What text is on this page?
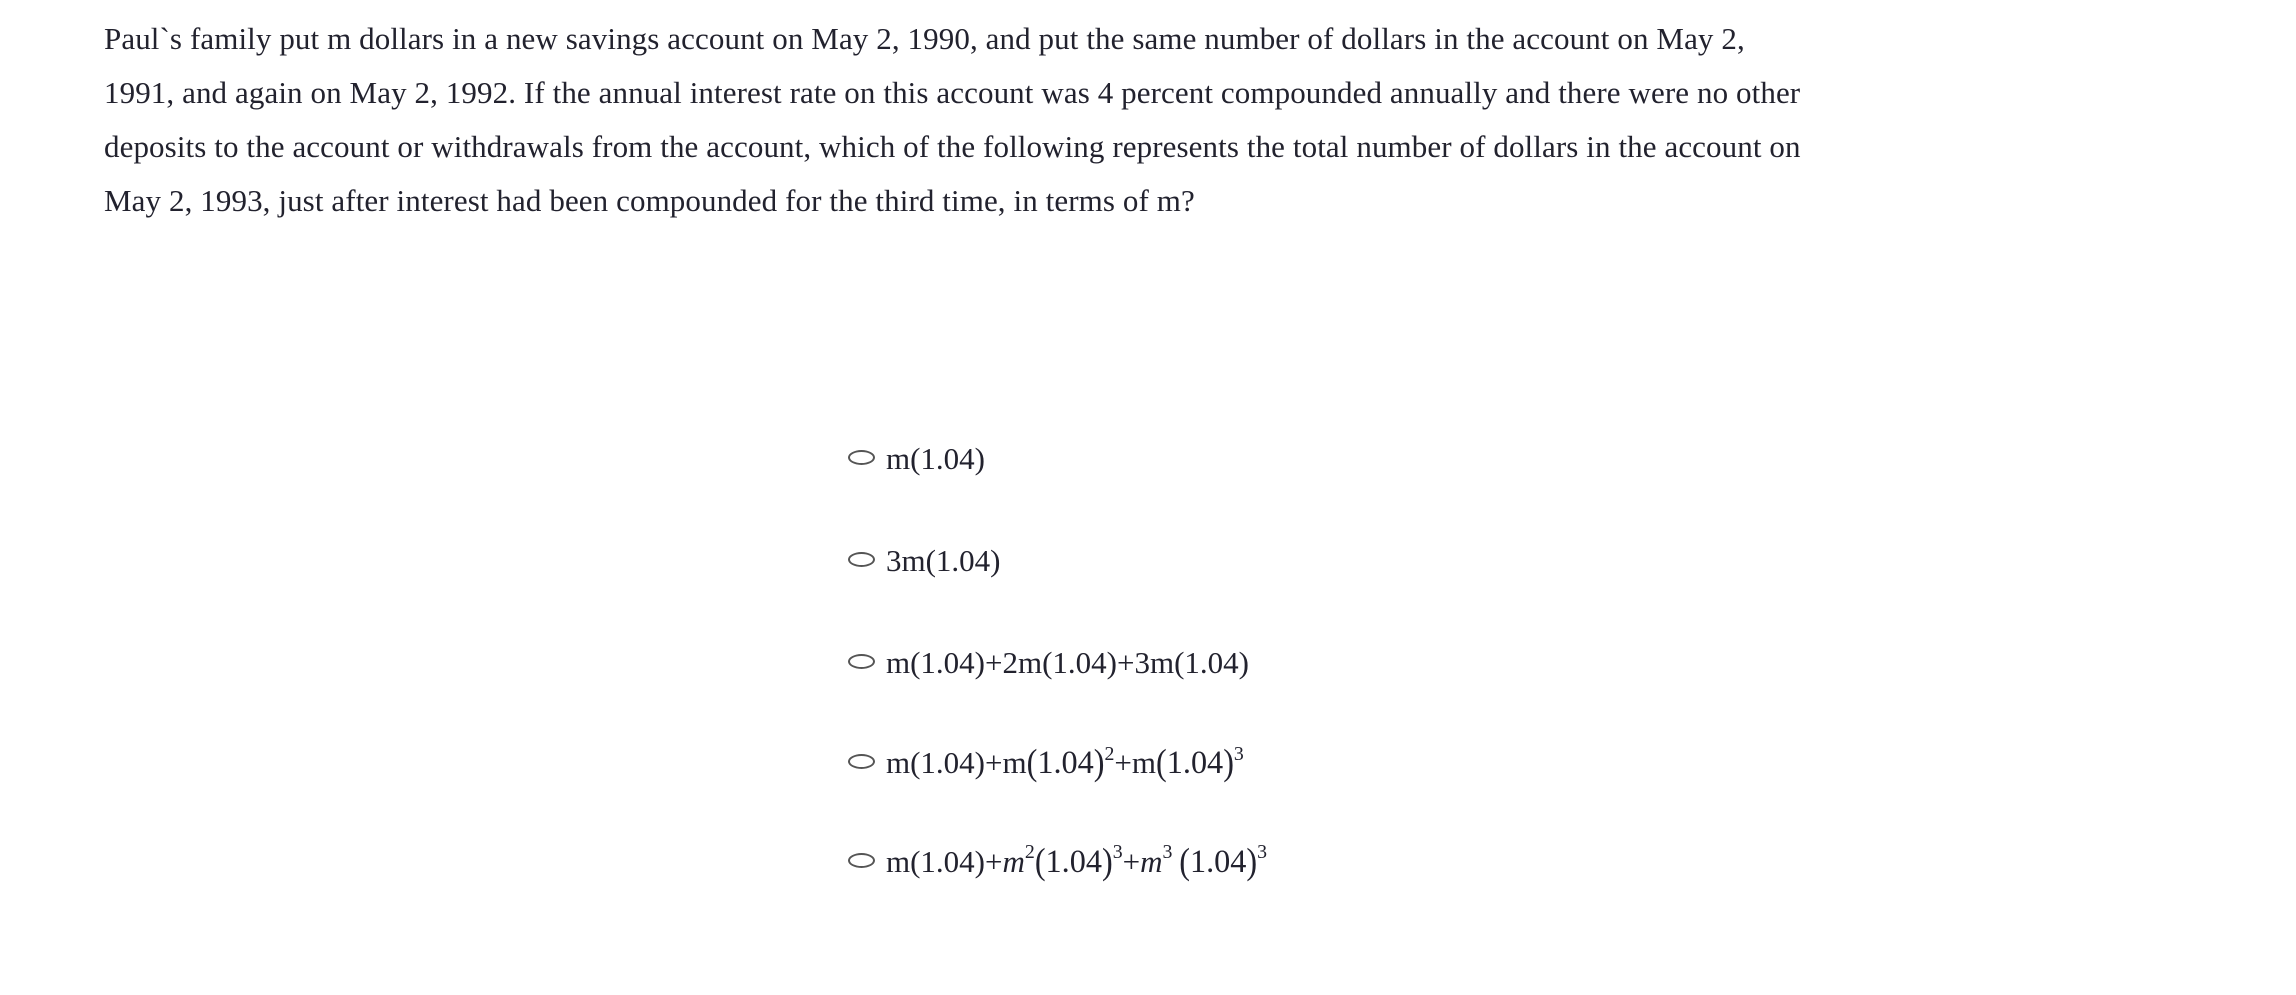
Paul`s family put m dollars in a new savings account on May 2, 1990, and put the same number of dollars in the account on May 2,
1991, and again on May 2, 1992. If the annual interest rate on this account was 4 percent compounded annually and there were no other
deposits to the account or withdrawals from the account, which of the following represents the total number of dollars in the account on
May 2, 1993, just after interest had been compounded for the third time, in terms of m?
m(1.04)
3m(1.04)
m(1.04)+2m(1.04)+3m(1.04)
$m(1.04)+m(1.04)^2+m(1.04)^3$
$m(1.04)+m^2(1.04)^3+m^3$ $(1.04)^3$
